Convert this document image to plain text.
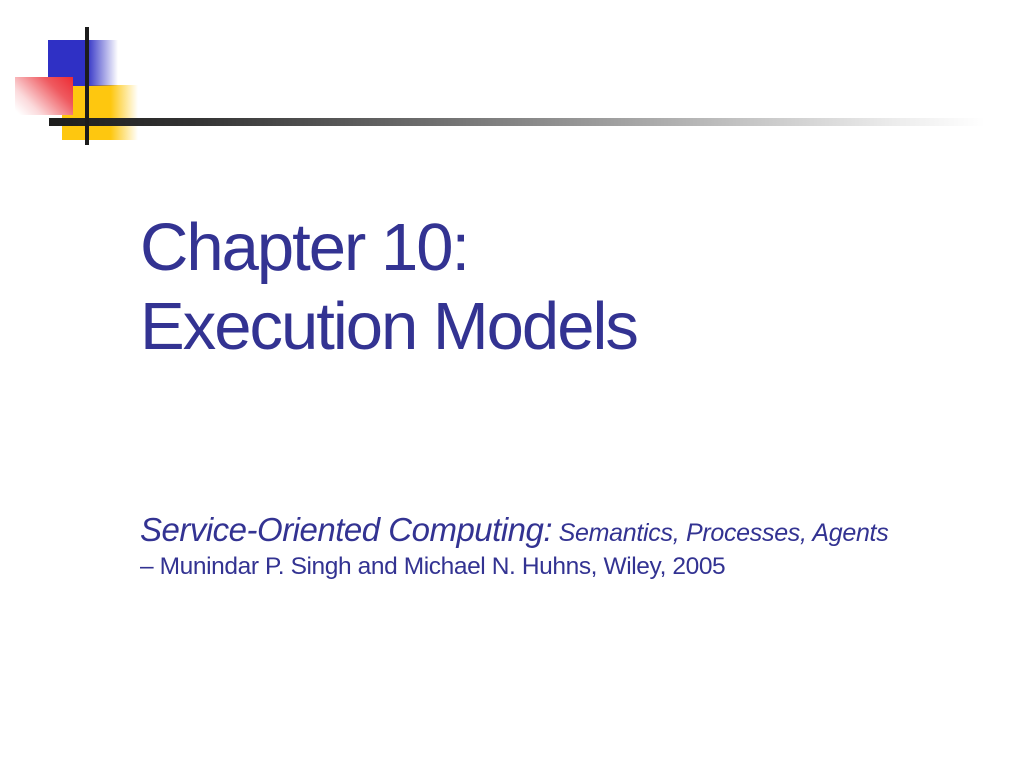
Chapter 10:
Execution Models
Service-Oriented Computing: Semantics, Processes, Agents
– Munindar P. Singh and Michael N. Huhns, Wiley, 2005
